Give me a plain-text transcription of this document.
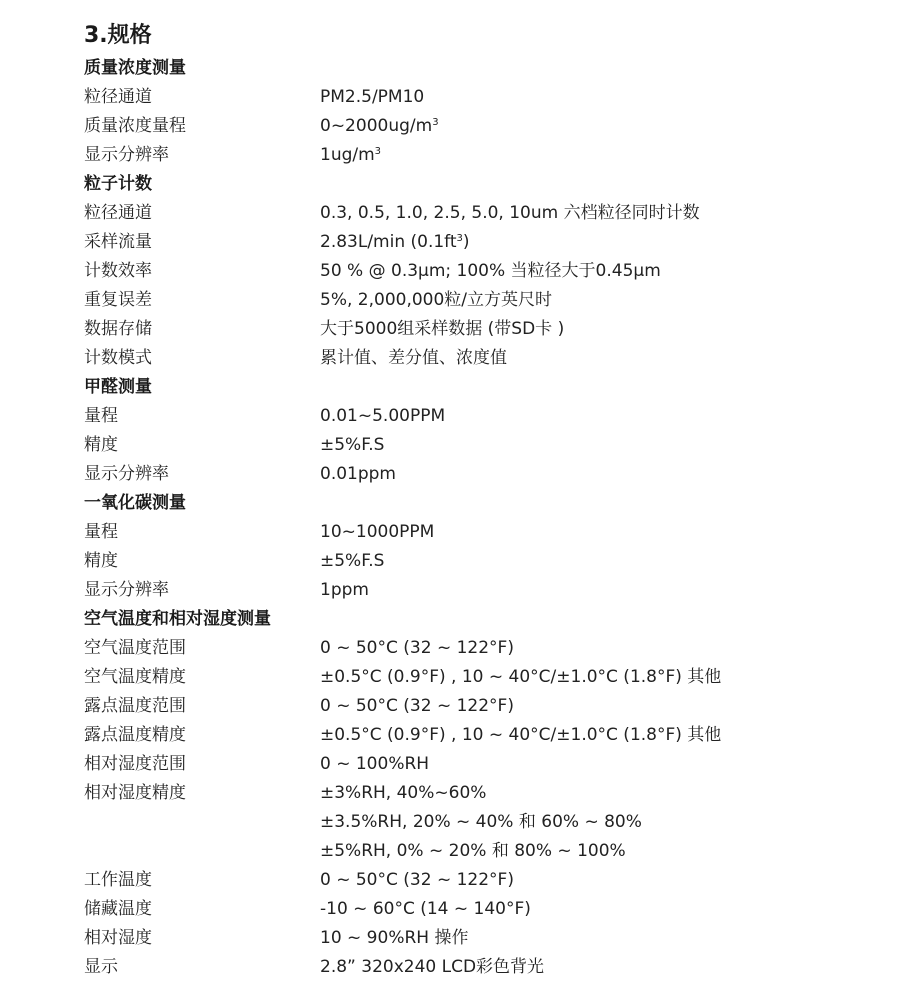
3.规格
质量浓度测量
粒径通道	PM2.5/PM10
质量浓度量程	$0\sim 2000ug/m^3$
显示分辨率	$1ug/m^3$
粒子计数
粒径通道	0.3, 0.5, 1.0, 2.5, 5.0, 10um 六档粒径同时计数
采样流量	2.83L/min $(0.1ft^3)$
计数效率	50 % @ 0.3μm; 100% 当粒径大于0.45μm
重复误差	5%, 2,000,000粒/立方英尺时
数据存储	大于5000组采样数据 (带SD卡 )
计数模式	累计值、差分值、浓度值
甲醛测量
量程	0.01~5.00PPM
精度	±5%F.S
显示分辨率	0.01ppm
一氧化碳测量
量程	10~1000PPM
精度	±5%F.S
显示分辨率	1ppm
空气温度和相对湿度测量
空气温度范围	0 ~ 50°C (32 ~ 122°F)
空气温度精度	±0.5°C (0.9°F) , 10 ~ 40°C/±1.0°C (1.8°F) 其他
露点温度范围	0 ~ 50°C (32 ~ 122°F)
露点温度精度	±0.5°C (0.9°F) , 10 ~ 40°C/±1.0°C (1.8°F) 其他
相对湿度范围	0 ~ 100%RH
相对湿度精度	±3%RH, 40%~60%
±3.5%RH, 20% ~ 40% 和 60% ~ 80%
±5%RH, 0% ~ 20% 和 80% ~ 100%
工作温度	0 ~ 50°C (32 ~ 122°F)
储藏温度	-10 ~ 60°C (14 ~ 140°F)
相对湿度	10 ~ 90%RH 操作
显示	2.8” 320x240 LCD彩色背光
